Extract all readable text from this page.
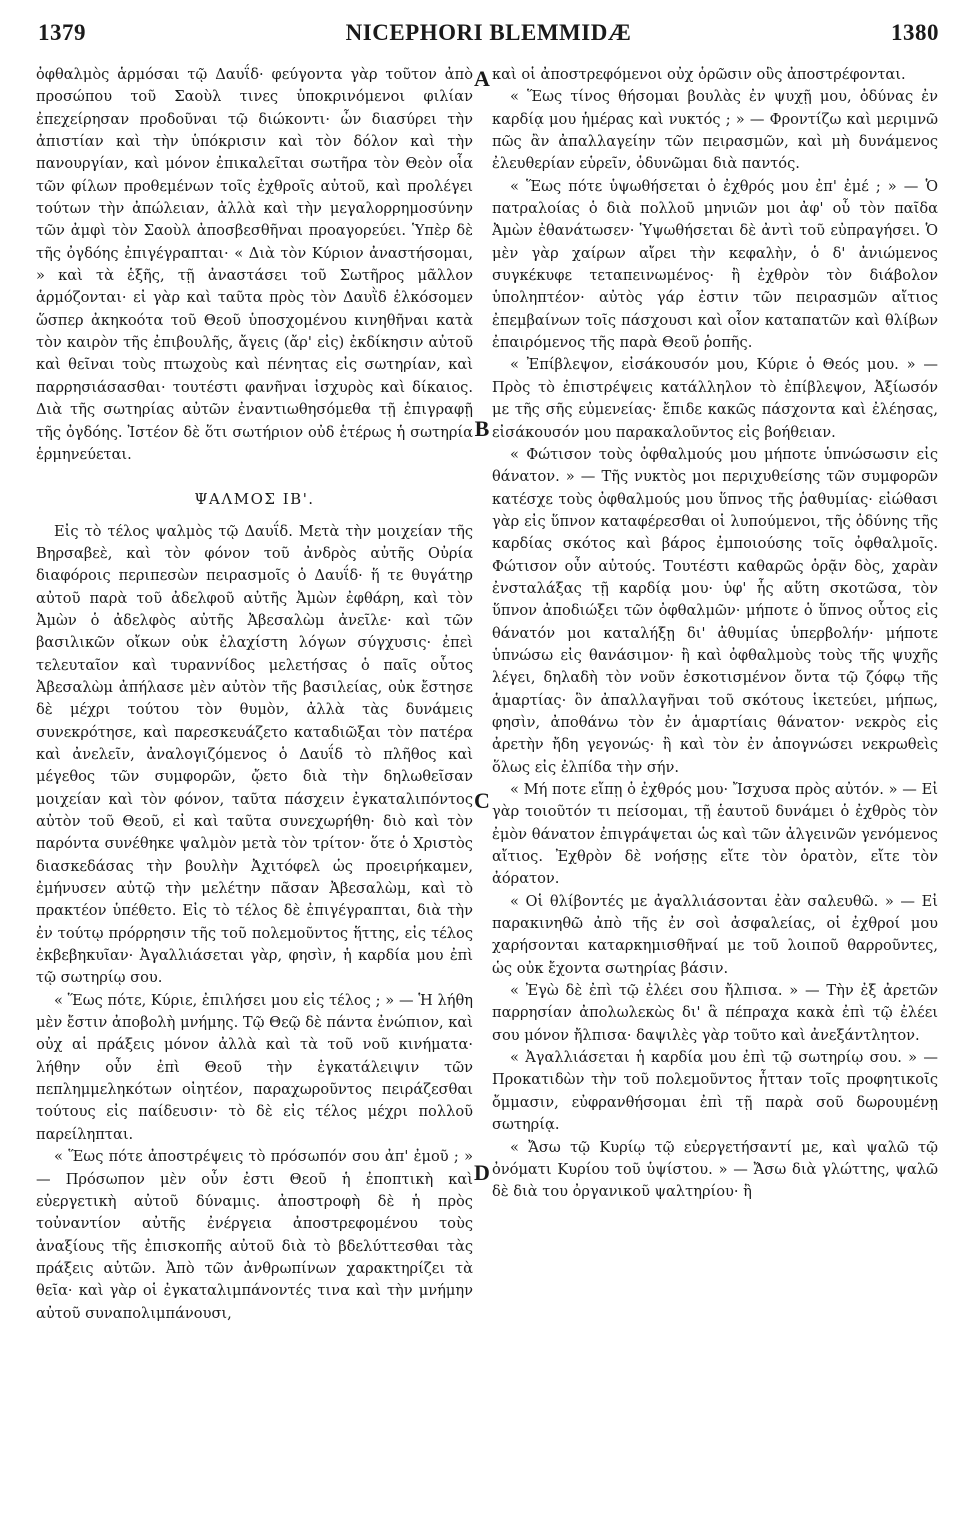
1379	NICEPHORI BLEMMIDÆ	1380

ὀφθαλμὸς ἁρμόσαι τῷ Δαυΐδ· φεύγοντα γὰρ τοῦτον ἀπὸ προσώπου τοῦ Σαοὺλ τινες ὑποκρινόμενοι φιλίαν ἐπεχείρησαν προδοῦναι τῷ διώκοντι· ὧν διασύρει τὴν ἀπιστίαν καὶ τὴν ὑπόκρισιν καὶ τὸν δόλον καὶ τὴν πανουργίαν, καὶ μόνον ἐπικαλεῖται σωτῆρα τὸν Θεὸν οἷα τῶν φίλων προθεμένων τοῖς ἐχθροῖς αὐτοῦ, καὶ προλέγει τούτων τὴν ἀπώλειαν, ἀλλὰ καὶ τὴν μεγαλορρημοσύνην τῶν ἀμφὶ τὸν Σαοὺλ ἀποσβεσθῆναι προαγορεύει. Ὑπὲρ δὲ τῆς ὀγδόης ἐπιγέγραπται· « Διὰ τὸν Κύριον ἀναστήσομαι, » καὶ τὰ ἑξῆς, τῇ ἀναστάσει τοῦ Σωτῆρος μᾶλλον ἁρμόζονται· εἰ γὰρ καὶ ταῦτα πρὸς τὸν Δαυῒδ ἑλκόσομεν ὥσπερ ἀκηκοότα τοῦ Θεοῦ ὑποσχομένου κινηθῆναι κατὰ τὸν καιρὸν τῆς ἐπιβουλῆς, ἄγεις (ἄρ' εἰς) ἐκδίκησιν αὐτοῦ καὶ θεῖναι τοὺς πτωχοὺς καὶ πένητας εἰς σωτηρίαν, καὶ παρρησιάσασθαι· τουτέστι φανῆναι ἰσχυρὸς καὶ δίκαιος. Διὰ τῆς σωτηρίας αὐτῶν ἐναντιωθησόμεθα τῇ ἐπιγραφῇ τῆς ὀγδόης. Ἰστέον δὲ ὅτι σωτήριον οὐδ ἑτέρως ἡ σωτηρία ἑρμηνεύεται.

ΨΑΛΜΟΣ ΙΒ'.

Εἰς τὸ τέλος ψαλμὸς τῷ Δαυΐδ. Μετὰ τὴν μοιχείαν τῆς Βηρσαβεὲ, καὶ τὸν φόνον τοῦ ἀνδρὸς αὐτῆς Οὐρία διαφόροις περιπεσὼν πειρασμοῖς ὁ Δαυΐδ· ἥ τε θυγάτηρ αὐτοῦ παρὰ τοῦ ἀδελφοῦ αὐτῆς Ἀμὼν ἐφθάρη, καὶ τὸν Ἀμὼν ὁ ἀδελφὸς αὐτῆς Ἀβεσαλὼμ ἀνεῖλε· καὶ τῶν βασιλικῶν οἴκων οὐκ ἐλαχίστη λόγων σύγχυσις· ἐπεὶ τελευταῖον καὶ τυραννίδος μελετήσας ὁ παῖς οὗτος Ἀβεσαλὼμ ἀπήλασε μὲν αὐτὸν τῆς βασιλείας, οὐκ ἔστησε δὲ μέχρι τούτου τὸν θυμὸν, ἀλλὰ τὰς δυνάμεις συνεκρότησε, καὶ παρεσκευάζετο καταδιῶξαι τὸν πατέρα καὶ ἀνελεῖν, ἀναλογιζόμενος ὁ Δαυΐδ τὸ πλῆθος καὶ μέγεθος τῶν συμφορῶν, ᾤετο διὰ τὴν δηλωθεῖσαν μοιχείαν καὶ τὸν φόνον, ταῦτα πάσχειν ἐγκαταλιπόντος αὐτὸν τοῦ Θεοῦ, εἰ καὶ ταῦτα συνεχωρήθη· διὸ καὶ τὸν παρόντα συνέθηκε ψαλμὸν μετὰ τὸν τρίτον· ὅτε ὁ Χριστὸς διασκεδάσας τὴν βουλὴν Ἀχιτόφελ ὡς προειρήκαμεν, ἐμήνυσεν αὐτῷ τὴν μελέτην πᾶσαν Ἀβεσαλὼμ, καὶ τὸ πρακτέον ὑπέθετο. Εἰς τὸ τέλος δὲ ἐπιγέγραπται, διὰ τὴν ἐν τούτῳ πρόρρησιν τῆς τοῦ πολεμοῦντος ἥττης, εἰς τέλος ἐκβεβηκυῖαν· Ἀγαλλιάσεται γὰρ, φησὶν, ἡ καρδία μου ἐπὶ τῷ σωτηρίῳ σου.

« Ἕως πότε, Κύριε, ἐπιλήσει μου εἰς τέλος ; » — Ἡ λήθη μὲν ἔστιν ἀποβολὴ μνήμης. Τῷ Θεῷ δὲ πάντα ἐνώπιον, καὶ οὐχ αἱ πράξεις μόνον ἀλλὰ καὶ τὰ τοῦ νοῦ κινήματα· λήθην οὖν ἐπὶ Θεοῦ τὴν ἐγκατάλειψιν τῶν πεπλημμεληκότων οἰητέον, παραχωροῦντος πειράζεσθαι τούτους εἰς παίδευσιν· τὸ δὲ εἰς τέλος μέχρι πολλοῦ παρείληπται.

« Ἕως πότε ἀποστρέψεις τὸ πρόσωπόν σου ἀπ' ἐμοῦ ; » — Πρόσωπον μὲν οὖν ἐστι Θεοῦ ἡ ἐποπτικὴ καὶ εὐεργετικὴ αὐτοῦ δύναμις. ἀποστροφὴ δὲ ἡ πρὸς τοὐναντίον αὐτῆς ἐνέργεια ἀποστρεφομένου τοὺς ἀναξίους τῆς ἐπισκοπῆς αὐτοῦ διὰ τὸ βδελύττεσθαι τὰς πράξεις αὐτῶν. Ἀπὸ τῶν ἀνθρωπίνων χαρακτηρίζει τὰ θεῖα· καὶ γὰρ οἱ ἐγκαταλιμπάνοντές τινα καὶ τὴν μνήμην αὐτοῦ συναπολιμπάνουσι,

A
B
C
D

καὶ οἱ ἀποστρεφόμενοι οὐχ ὁρῶσιν οὓς ἀποστρέφονται.

« Ἕως τίνος θήσομαι βουλὰς ἐν ψυχῇ μου, ὀδύνας ἐν καρδίᾳ μου ἡμέρας καὶ νυκτός ; » — Φροντίζω καὶ μεριμνῶ πῶς ἂν ἀπαλλαγείην τῶν πειρασμῶν, καὶ μὴ δυνάμενος ἐλευθερίαν εὑρεῖν, ὀδυνῶμαι διὰ παντός.

« Ἕως πότε ὑψωθήσεται ὁ ἐχθρός μου ἐπ' ἐμέ ; » — Ὁ πατραλοίας ὁ διὰ πολλοῦ μηνιῶν μοι ἀφ' οὗ τὸν παῖδα Ἀμὼν ἐθανάτωσεν· Ὑψωθήσεται δὲ ἀντὶ τοῦ εὐπραγήσει. Ὁ μὲν γὰρ χαίρων αἴρει τὴν κεφαλὴν, ὁ δ' ἀνιώμενος συγκέκυφε τεταπεινωμένος· ἢ ἐχθρὸν τὸν διάβολον ὑποληπτέον· αὐτὸς γάρ ἐστιν τῶν πειρασμῶν αἴτιος ἐπεμβαίνων τοῖς πάσχουσι καὶ οἷον καταπατῶν καὶ θλίβων ἐπαιρόμενος τῆς παρὰ Θεοῦ ῥοπῆς.

« Ἐπίβλεψον, εἰσάκουσόν μου, Κύριε ὁ Θεός μου. » — Πρὸς τὸ ἐπιστρέψεις κατάλληλον τὸ ἐπίβλεψον, Ἀξίωσόν με τῆς σῆς εὐμενείας· ἔπιδε κακῶς πάσχοντα καὶ ἐλέησας, εἰσάκουσόν μου παρακαλοῦντος εἰς βοήθειαν.

« Φώτισον τοὺς ὀφθαλμούς μου μήποτε ὑπνώσωσιν εἰς θάνατον. » — Τῆς νυκτὸς μοι περιχυθείσης τῶν συμφορῶν κατέσχε τοὺς ὀφθαλμούς μου ὕπνος τῆς ῥαθυμίας· εἰώθασι γὰρ εἰς ὕπνον καταφέρεσθαι οἱ λυπούμενοι, τῆς ὀδύνης τῆς καρδίας σκότος καὶ βάρος ἐμποιούσης τοῖς ὀφθαλμοῖς. Φώτισον οὖν αὐτούς. Τουτέστι καθαρῶς ὁρᾷν δὸς, χαρὰν ἐνσταλάξας τῇ καρδίᾳ μου· ὑφ' ἧς αὕτη σκοτῶσα, τὸν ὕπνον ἀποδιώξει τῶν ὀφθαλμῶν· μήποτε ὁ ὕπνος οὗτος εἰς θάνατόν μοι καταλήξῃ δι' ἀθυμίας ὑπερβολήν· μήποτε ὑπνώσω εἰς θανάσιμον· ἢ καὶ ὀφθαλμοὺς τοὺς τῆς ψυχῆς λέγει, δηλαδὴ τὸν νοῦν ἐσκοτισμένον ὄντα τῷ ζόφῳ τῆς ἁμαρτίας· ὃν ἀπαλλαγῆναι τοῦ σκότους ἱκετεύει, μήπως, φησὶν, ἀποθάνω τὸν ἐν ἁμαρτίαις θάνατον· νεκρὸς εἰς ἀρετὴν ἤδη γεγονώς· ἢ καὶ τὸν ἐν ἀπογνώσει νεκρωθεὶς ὅλως εἰς ἐλπίδα τὴν σήν.

« Μή ποτε εἴπῃ ὁ ἐχθρός μου· Ἴσχυσα πρὸς αὐτόν. » — Εἰ γὰρ τοιοῦτόν τι πείσομαι, τῇ ἑαυτοῦ δυνάμει ὁ ἐχθρὸς τὸν ἐμὸν θάνατον ἐπιγράψεται ὡς καὶ τῶν ἀλγεινῶν γενόμενος αἴτιος. Ἐχθρὸν δὲ νοήσῃς εἴτε τὸν ὁρατὸν, εἴτε τὸν ἀόρατον.

« Οἱ θλίβοντές με ἀγαλλιάσονται ἐὰν σαλευθῶ. » — Εἰ παρακινηθῶ ἀπὸ τῆς ἐν σοὶ ἀσφαλείας, οἱ ἐχθροί μου χαρήσονται καταρκημισθῆναί με τοῦ λοιποῦ θαρροῦντες, ὡς οὐκ ἔχοντα σωτηρίας βάσιν.

« Ἐγὼ δὲ ἐπὶ τῷ ἐλέει σου ἤλπισα. » — Τὴν ἐξ ἀρετῶν παρρησίαν ἀπολωλεκὼς δι' ἃ πέπραχα κακὰ ἐπὶ τῷ ἐλέει σου μόνον ἤλπισα· δαψιλὲς γὰρ τοῦτο καὶ ἀνεξάντλητον.

« Ἀγαλλιάσεται ἡ καρδία μου ἐπὶ τῷ σωτηρίῳ σου. » — Προκατιδὼν τὴν τοῦ πολεμοῦντος ἧτταν τοῖς προφητικοῖς ὄμμασιν, εὐφρανθήσομαι ἐπὶ τῇ παρὰ σοῦ δωρουμένῃ σωτηρίᾳ.

« Ἄσω τῷ Κυρίῳ τῷ εὐεργετήσαντί με, καὶ ψαλῶ τῷ ὀνόματι Κυρίου τοῦ ὑψίστου. » — Ἄσω διὰ γλώττης, ψαλῶ δὲ διὰ του ὀργανικοῦ ψαλτηρίου· ἢ
